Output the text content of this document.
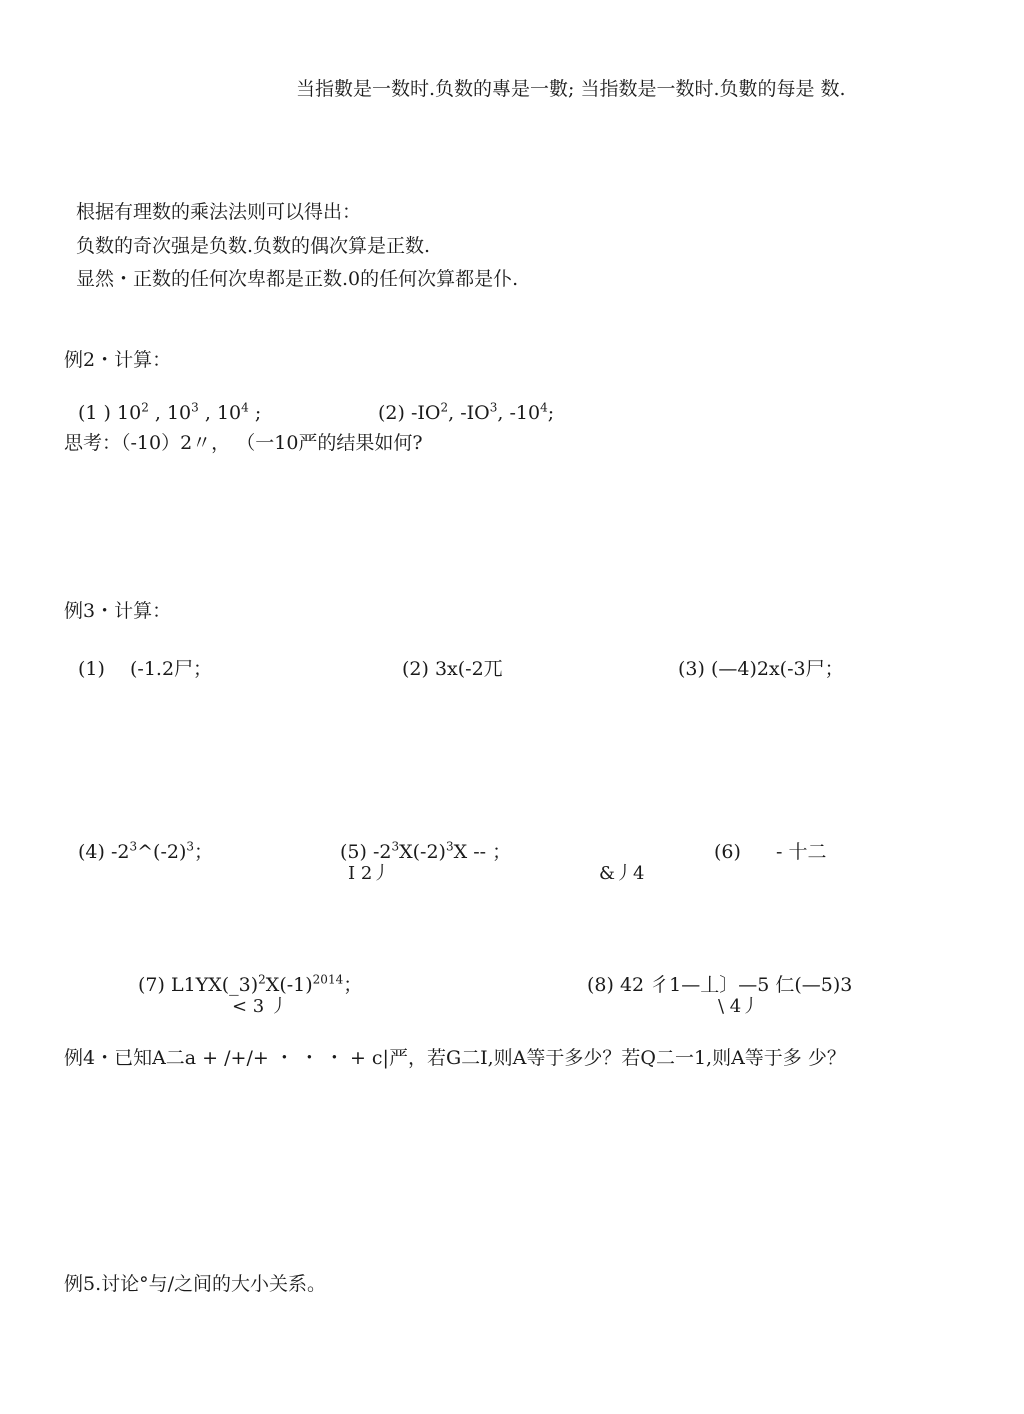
当指數是一数时.负数的專是一數; 当指数是一数时.负數的每是 数.
根据有理数的乘法法则可以得出：
负数的奇次强是负数.负数的偶次算是正数.
显然・正数的任何次卑都是正数.0的任何次算都是仆.
例2・计算：
(1 ) $10^2$ , $10^3$ , $10^4$ ;	(2) $-IO^2$, $-IO^3$, $-10^4$;
思考：（-10）2〃， （一10严的结果如何?
例3・计算：
(1) (-1.2尸；	(2) 3x(-2兀	(3) (—4)2x(-3尸；
(4) $-2^3\^{}(-2)^3$；	(5) $-2^3X(-2)^3X$ -- ；
I 2丿
(6) - 十二
&丿4
(7) $L1YX(\_3)^2X(-1)^{2014}$；
< 3 丿
(8) 42 彳1—丄〕—5 仁(—5)3
\ 4丿
例4・已知A二a + /+/+ ・ ・ ・ + c|严，若G二I,则A等于多少？若Q二一1,则A等于多 少？
例5.讨论°与/之间的大小关系。
